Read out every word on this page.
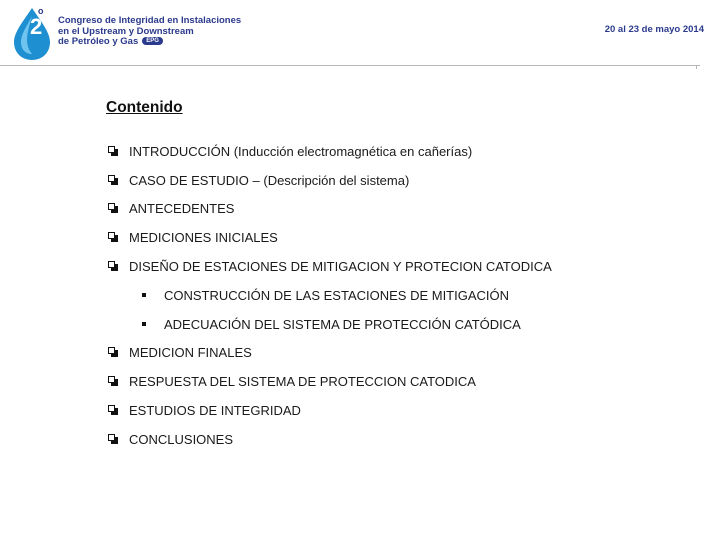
2
o
Congreso de Integridad en Instalaciones
en el Upstream y Downstream
de Petróleo y Gas EPG
20 al 23 de mayo 2014
Contenido
INTRODUCCIÓN (Inducción electromagnética en cañerías)
CASO DE ESTUDIO – (Descripción del sistema)
ANTECEDENTES
MEDICIONES INICIALES
DISEÑO DE ESTACIONES DE MITIGACION Y PROTECION CATODICA
CONSTRUCCIÓN DE LAS ESTACIONES DE MITIGACIÓN
ADECUACIÓN DEL SISTEMA DE PROTECCIÓN CATÓDICA
MEDICION FINALES
RESPUESTA DEL SISTEMA DE PROTECCION CATODICA
ESTUDIOS DE INTEGRIDAD
CONCLUSIONES
